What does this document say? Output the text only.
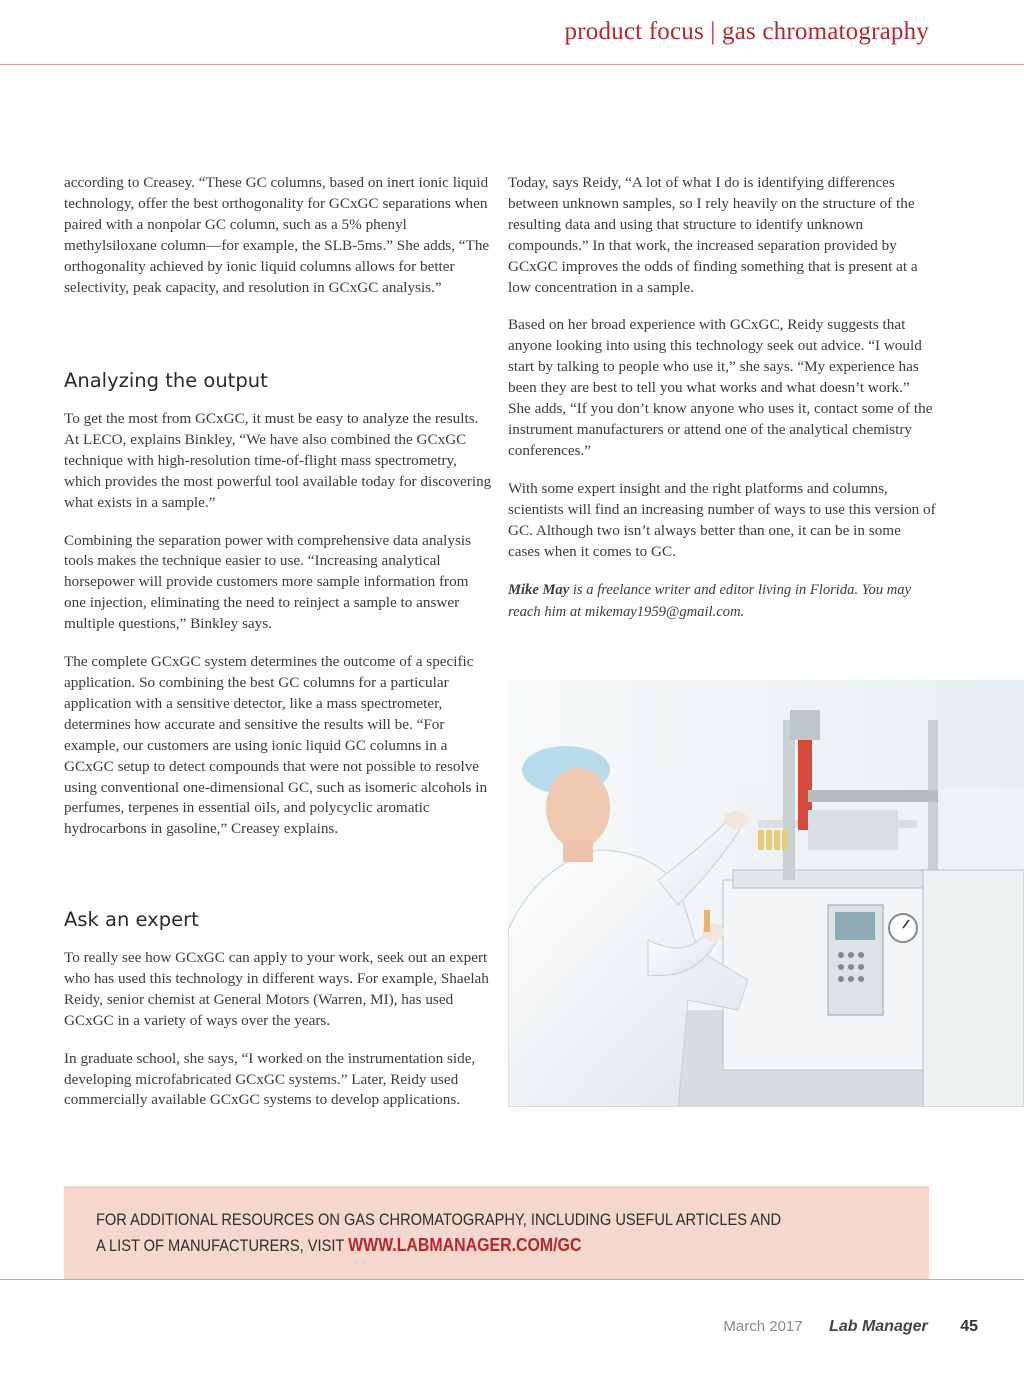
product focus | gas chromatography

according to Creasey. “These GC columns, based on inert ionic liquid technology, offer the best orthogonality for GCxGC separations when paired with a nonpolar GC column, such as a 5% phenyl methylsiloxane column—for example, the SLB-5ms.” She adds, “The orthogonality achieved by ionic liquid columns allows for better selectivity, peak capacity, and resolution in GCxGC analysis.”

Analyzing the output

To get the most from GCxGC, it must be easy to analyze the results. At LECO, explains Binkley, “We have also combined the GCxGC technique with high-resolution time-of-flight mass spectrometry, which provides the most powerful tool available today for discovering what exists in a sample.”

Combining the separation power with comprehensive data analysis tools makes the technique easier to use. “Increasing analytical horsepower will provide customers more sample information from one injection, eliminating the need to reinject a sample to answer multiple questions,” Binkley says.

The complete GCxGC system determines the outcome of a specific application. So combining the best GC columns for a particular application with a sensitive detector, like a mass spectrometer, determines how accurate and sensitive the results will be. “For example, our customers are using ionic liquid GC columns in a GCxGC setup to detect compounds that were not possible to resolve using conventional one-dimensional GC, such as isomeric alcohols in perfumes, terpenes in essential oils, and polycyclic aromatic hydrocarbons in gasoline,” Creasey explains.

Ask an expert

To really see how GCxGC can apply to your work, seek out an expert who has used this technology in different ways. For example, Shaelah Reidy, senior chemist at General Motors (Warren, MI), has used GCxGC in a variety of ways over the years.

In graduate school, she says, “I worked on the instrumentation side, developing microfabricated GCxGC systems.” Later, Reidy used commercially available GCxGC systems to develop applications.

Today, says Reidy, “A lot of what I do is identifying differences between unknown samples, so I rely heavily on the structure of the resulting data and using that structure to identify unknown compounds.” In that work, the increased separation provided by GCxGC improves the odds of finding something that is present at a low concentration in a sample.

Based on her broad experience with GCxGC, Reidy suggests that anyone looking into using this technology seek out advice. “I would start by talking to people who use it,” she says. “My experience has been they are best to tell you what works and what doesn’t work.” She adds, “If you don’t know anyone who uses it, contact some of the instrument manufacturers or attend one of the analytical chemistry conferences.”

With some expert insight and the right platforms and columns, scientists will find an increasing number of ways to use this version of GC. Although two isn’t always better than one, it can be in some cases when it comes to GC.

Mike May is a freelance writer and editor living in Florida. You may reach him at mikemay1959@gmail.com.

FOR ADDITIONAL RESOURCES ON GAS CHROMATOGRAPHY, INCLUDING USEFUL ARTICLES AND
A LIST OF MANUFACTURERS, VISIT WWW.LABMANAGER.COM/GC
March 2017 Lab Manager 45
